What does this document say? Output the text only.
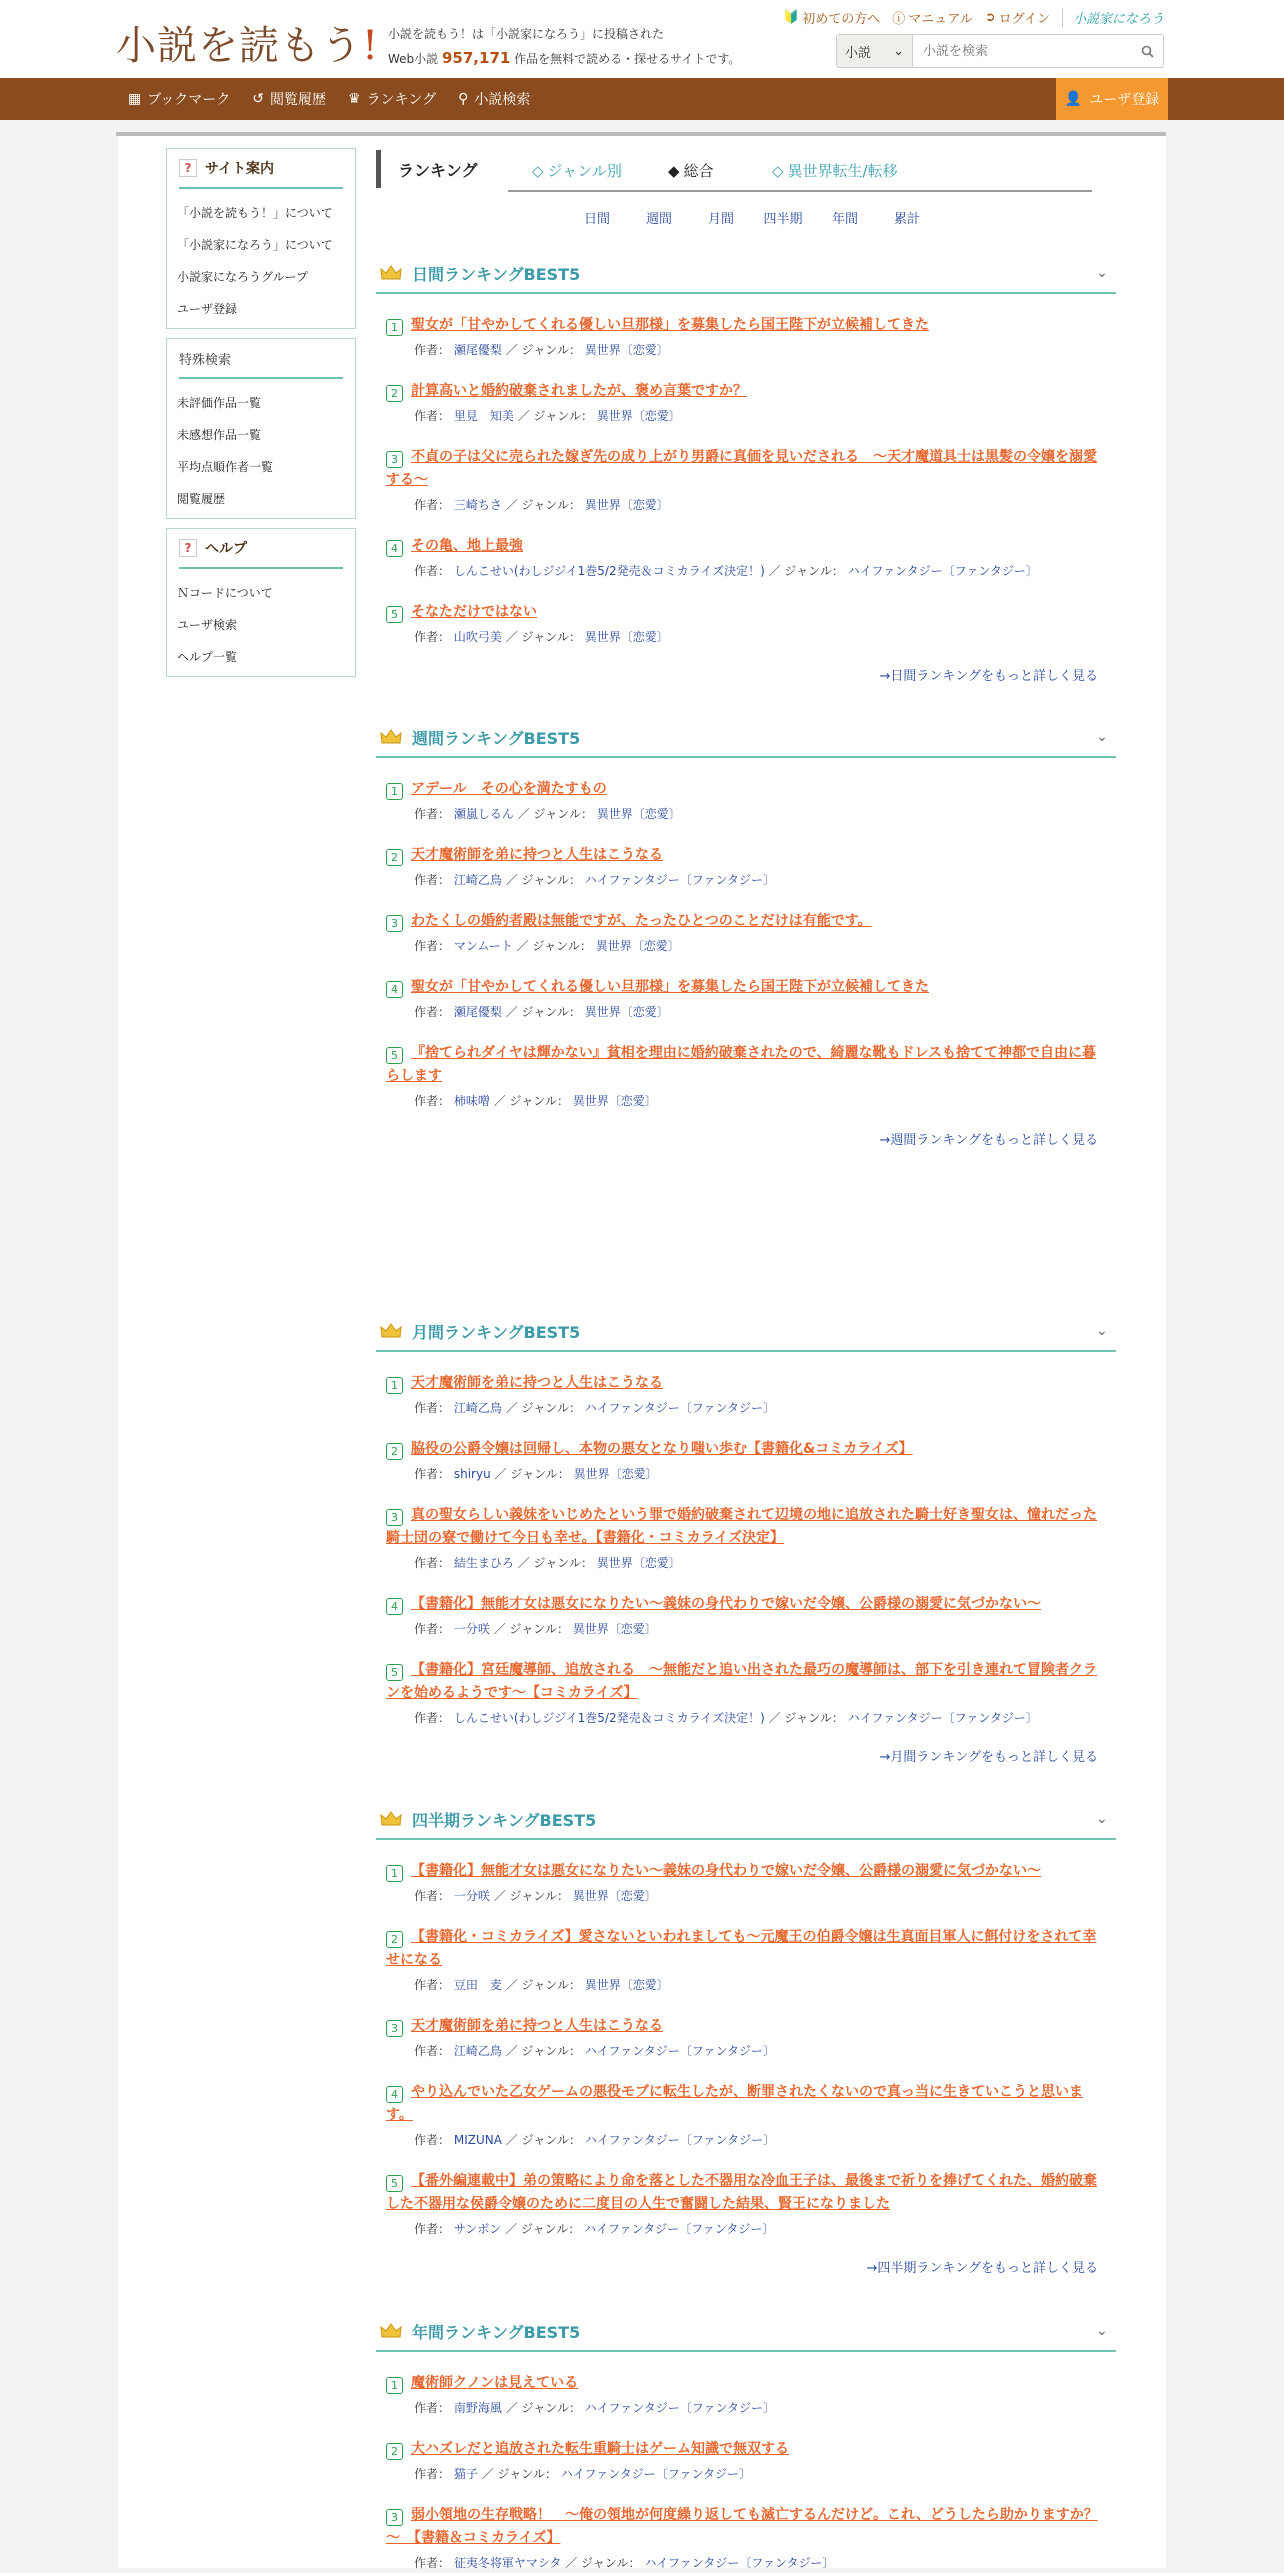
小説を読もう! 小説を読もう！は「小説家になろう」に投稿された
Web小説 957,171 作品を無料で読める・探せるサイトです。
🔰 初めての方へ ⓘ マニュアル ➲ ログイン	小説家になろう
小説 ⌄
小説を検索
▦ ブックマーク ↺ 閲覧履歴 ♛ ランキング ⚲ 小説検索	👤 ユーザ登録
? サイト案内
「小説を読もう！」について
「小説家になろう」について
小説家になろうグループ
ユーザ登録
特殊検索
未評価作品一覧
未感想作品一覧
平均点順作者一覧
閲覧履歴
? ヘルプ
Ｎコードについて
ユーザ検索
ヘルプ一覧
ランキング	◇ ジャンル別	◆ 総合	◇ 異世界転生/転移
日間	週間	月間	四半期	年間	累計
日間ランキングBEST5	⌄
1 聖女が「甘やかしてくれる優しい旦那様」を募集したら国王陛下が立候補してきた
作者： 瀬尾優梨 ／ ジャンル： 異世界〔恋愛〕
2 計算高いと婚約破棄されましたが、褒め言葉ですか？
作者： 里見　知美 ／ ジャンル： 異世界〔恋愛〕
3 不貞の子は父に売られた嫁ぎ先の成り上がり男爵に真価を見いだされる　〜天才魔道具士は黒髪の令嬢を溺愛する〜
作者： 三崎ちさ ／ ジャンル： 異世界〔恋愛〕
4 その亀、地上最強
作者： しんこせい(わしジジイ1巻5/2発売＆コミカライズ決定！) ／ ジャンル： ハイファンタジー〔ファンタジー〕
5 そなただけではない
作者： 山吹弓美 ／ ジャンル： 異世界〔恋愛〕
→日間ランキングをもっと詳しく見る
週間ランキングBEST5	⌄
1 アデール　その心を満たすもの
作者： 瀬嵐しるん ／ ジャンル： 異世界〔恋愛〕
2 天才魔術師を弟に持つと人生はこうなる
作者： 江崎乙鳥 ／ ジャンル： ハイファンタジー〔ファンタジー〕
3 わたくしの婚約者殿は無能ですが、たったひとつのことだけは有能です。
作者： マンムート ／ ジャンル： 異世界〔恋愛〕
4 聖女が「甘やかしてくれる優しい旦那様」を募集したら国王陛下が立候補してきた
作者： 瀬尾優梨 ／ ジャンル： 異世界〔恋愛〕
5 『捨てられダイヤは輝かない』貧相を理由に婚約破棄されたので、綺麗な靴もドレスも捨てて神都で自由に暮らします
作者： 柿味噌 ／ ジャンル： 異世界〔恋愛〕
→週間ランキングをもっと詳しく見る
月間ランキングBEST5	⌄
1 天才魔術師を弟に持つと人生はこうなる
作者： 江崎乙鳥 ／ ジャンル： ハイファンタジー〔ファンタジー〕
2 脇役の公爵令嬢は回帰し、本物の悪女となり嗤い歩む【書籍化&コミカライズ】
作者： shiryu ／ ジャンル： 異世界〔恋愛〕
3 真の聖女らしい義妹をいじめたという罪で婚約破棄されて辺境の地に追放された騎士好き聖女は、憧れだった騎士団の寮で働けて今日も幸せ。【書籍化・コミカライズ決定】
作者： 結生まひろ ／ ジャンル： 異世界〔恋愛〕
4 【書籍化】無能才女は悪女になりたい～義妹の身代わりで嫁いだ令嬢、公爵様の溺愛に気づかない～
作者： 一分咲 ／ ジャンル： 異世界〔恋愛〕
5 【書籍化】宮廷魔導師、追放される　～無能だと追い出された最巧の魔導師は、部下を引き連れて冒険者クランを始めるようです～【コミカライズ】
作者： しんこせい(わしジジイ1巻5/2発売＆コミカライズ決定！) ／ ジャンル： ハイファンタジー〔ファンタジー〕
→月間ランキングをもっと詳しく見る
四半期ランキングBEST5	⌄
1 【書籍化】無能才女は悪女になりたい～義妹の身代わりで嫁いだ令嬢、公爵様の溺愛に気づかない～
作者： 一分咲 ／ ジャンル： 異世界〔恋愛〕
2 【書籍化・コミカライズ】愛さないといわれましても～元魔王の伯爵令嬢は生真面目軍人に餌付けをされて幸せになる
作者： 豆田　麦 ／ ジャンル： 異世界〔恋愛〕
3 天才魔術師を弟に持つと人生はこうなる
作者： 江崎乙鳥 ／ ジャンル： ハイファンタジー〔ファンタジー〕
4 やり込んでいた乙女ゲームの悪役モブに転生したが、断罪されたくないので真っ当に生きていこうと思います。
作者： MIZUNA ／ ジャンル： ハイファンタジー〔ファンタジー〕
5 【番外編連載中】弟の策略により命を落とした不器用な冷血王子は、最後まで祈りを捧げてくれた、婚約破棄した不器用な侯爵令嬢のために二度目の人生で奮闘した結果、賢王になりました
作者： サンボン ／ ジャンル： ハイファンタジー〔ファンタジー〕
→四半期ランキングをもっと詳しく見る
年間ランキングBEST5	⌄
1 魔術師クノンは見えている
作者： 南野海風 ／ ジャンル： ハイファンタジー〔ファンタジー〕
2 大ハズレだと追放された転生重騎士はゲーム知識で無双する
作者： 猫子 ／ ジャンル： ハイファンタジー〔ファンタジー〕
3 弱小領地の生存戦略！　～俺の領地が何度繰り返しても滅亡するんだけど。これ、どうしたら助かりますか？～　【書籍＆コミカライズ】
作者： 征夷冬将軍ヤマシタ ／ ジャンル： ハイファンタジー〔ファンタジー〕
